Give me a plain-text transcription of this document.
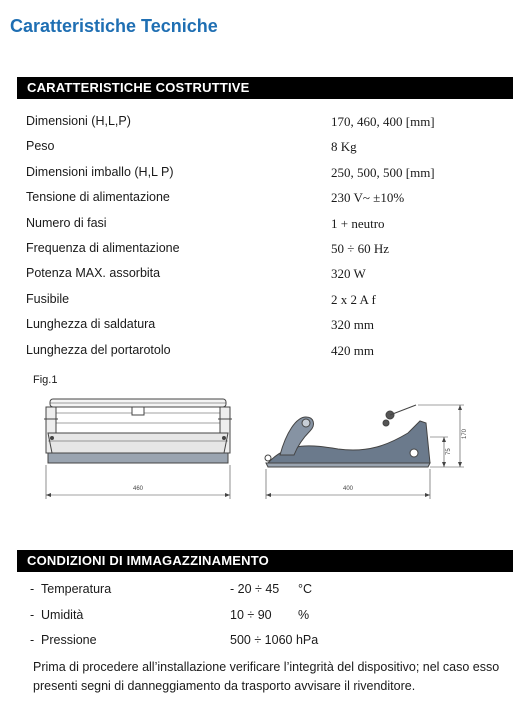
Caratteristiche Tecniche
CARATTERISTICHE COSTRUTTIVE
Dimensioni (H,L,P)	170, 460, 400 [mm]
Peso	8 Kg
Dimensioni imballo (H,L P)	250, 500, 500 [mm]
Tensione di alimentazione	230 V~ ±10%
Numero di fasi	1 + neutro
Frequenza di alimentazione	50 ÷ 60 Hz
Potenza MAX. assorbita	320 W
Fusibile	2 x 2 A f
Lunghezza di saldatura	320 mm
Lunghezza del portarotolo	420 mm
Fig.1
460	400
170
75
CONDIZIONI DI IMMAGAZZINAMENTO
- Temperatura	- 20 ÷ 45 °C
- Umidità	10 ÷ 90 %
- Pressione	500 ÷ 1060 hPa

Prima di procedere all’installazione verificare l’integrità del dispositivo; nel caso esso presenti segni di danneggiamento da trasporto avvisare il rivenditore.
